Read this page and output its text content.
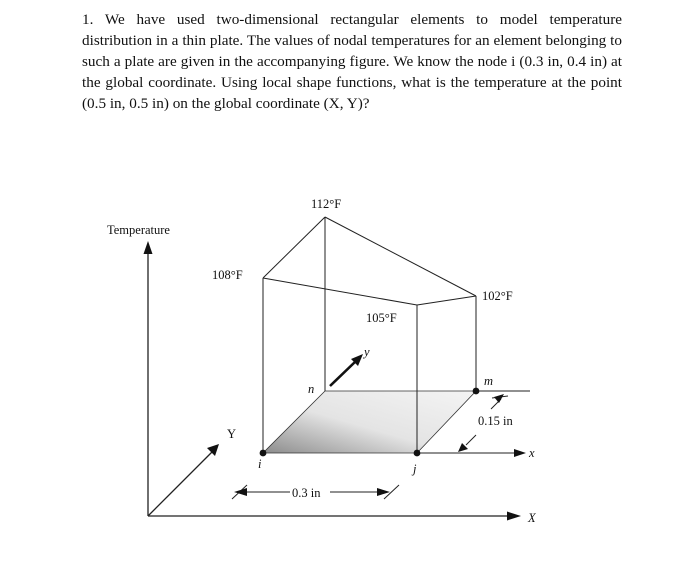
1. We have used two-dimensional rectangular elements to model temperature distribution in a thin plate. The values of nodal temperatures for an element belonging to such a plate are given in the accompanying figure. We know the node i (0.3 in, 0.4 in) at the global coordinate. Using local shape functions, what is the temperature at the point (0.5 in, 0.5 in) on the global coordinate (X, Y)?

Temperature
108°F
112°F
102°F
105°F
y
n
m
0.15 in
x
Y
i	j
0.3 in
X
